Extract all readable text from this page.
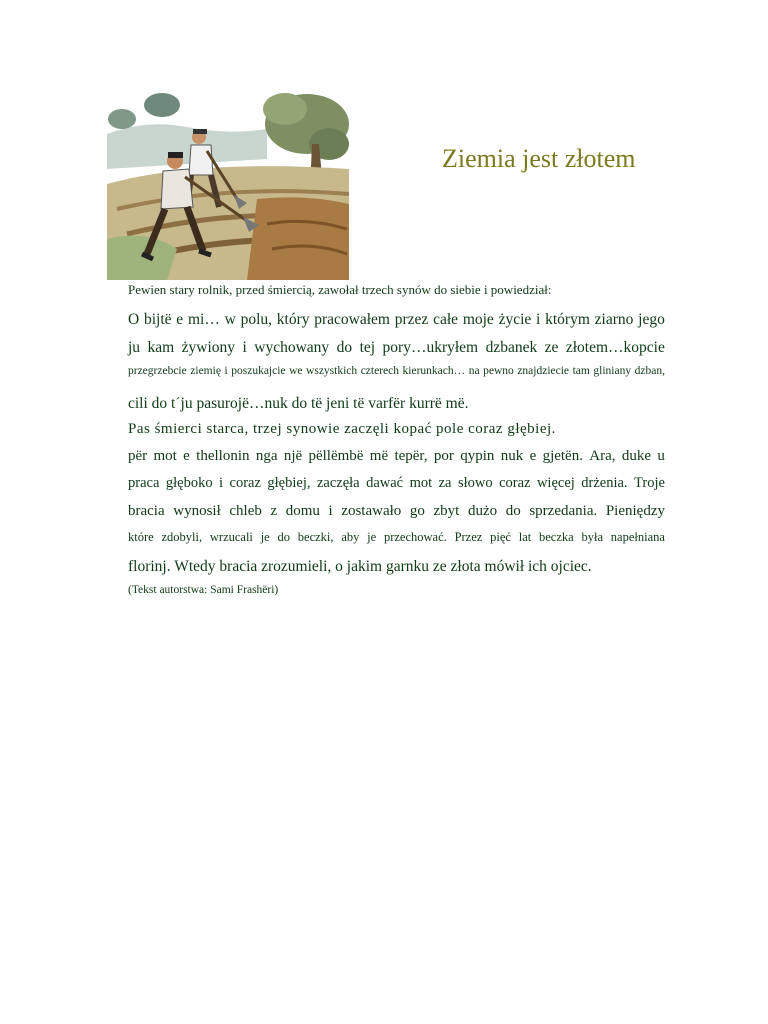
Ziemia jest złotem
Pewien stary rolnik, przed śmiercią, zawołał trzech synów do siebie i powiedział:
O bijtë e mi… w polu, który pracowałem przez całe moje życie i którym ziarno jego
ju kam żywiony i wychowany do tej pory…ukryłem dzbanek ze złotem…kopcie
przegrzebcie ziemię i poszukajcie we wszystkich czterech kierunkach… na pewno znajdziecie tam gliniany dzban,
cili do t´ju pasurojë…nuk do të jeni të varfër kurrë më.
Pas śmierci starca, trzej synowie zaczęli kopać pole coraz głębiej.
për mot e thellonin nga një pëllëmbë më tepër, por qypin nuk e gjetën. Ara, duke u
praca głęboko i coraz głębiej, zaczęła dawać mot za słowo coraz więcej drżenia. Troje
bracia wynosił chleb z domu i zostawało go zbyt dużo do sprzedania. Pieniędzy
które zdobyli, wrzucali je do beczki, aby je przechować. Przez pięć lat beczka była napełniana
florinj. Wtedy bracia zrozumieli, o jakim garnku ze złota mówił ich ojciec.
(Tekst autorstwa: Sami Frashëri)
